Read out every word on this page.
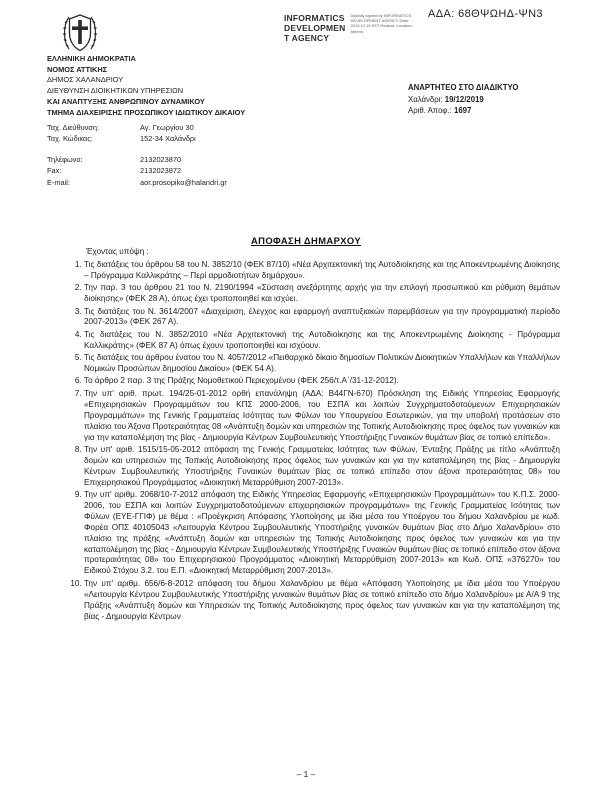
ΑΔΑ: 68ΘΨΩΗΔ-ΨΝ3
INFORMATICS
DEVELOPMEN
T AGENCY
Digitally signed by INFORMATICS DEVELOPMENT AGENCY Date: 2019.12.19 EET Reason: Location: Athens
ΕΛΛΗΝΙΚΗ ΔΗΜΟΚΡΑΤΙΑ
ΝΟΜΟΣ ΑΤΤΙΚΗΣ
ΔΗΜΟΣ ΧΑΛΑΝΔΡΙΟΥ
ΔΙΕΥΘΥΝΣΗ ΔΙΟΙΚΗΤΙΚΩΝ ΥΠΗΡΕΣΙΩΝ
ΚΑΙ ΑΝΑΠΤΥΞΗΣ ΑΝΘΡΩΠΙΝΟΥ ΔΥΝΑΜΙΚΟΥ
ΤΜΗΜΑ ΔΙΑΧΕΙΡΙΣΗΣ ΠΡΟΣΩΠΙΚΟΥ ΙΔΙΩΤΙΚΟΥ ΔΙΚΑΙΟΥ
ΑΝΑΡΤΗΤΕΟ ΣΤΟ ΔΙΑΔΙΚΤΥΟ
Χαλάνδρι: 19/12/2019
Αριθ. Αποφ.: 1697
Ταχ. Διεύθυνση:	Αγ. Γεωργίου 30
Ταχ. Κώδικας:	152-34 Χαλάνδρι
Τηλέφωνο:	2132023870
Fax:	2132023872
E-mail:	aor.prosopiko@halandri.gr
ΑΠΟΦΑΣΗ ΔΗΜΑΡΧΟΥ
Έχοντας υπόψη :
1. Τις διατάξεις του άρθρου 58 του Ν. 3852/10 (ΦΕΚ 87/10) «Νέα Αρχιτεκτονική της Αυτοδιοίκησης και της Αποκεντρωμένης Διοίκησης – Πρόγραμμα Καλλικράτης – Περί αρμοδιοτήτων δημάρχου».
2. Την παρ. 3 του άρθρου 21 του Ν. 2190/1994 «Σύσταση ανεξάρτητης αρχής για την επιλογή προσωπικού και ρύθμιση θεμάτων διοίκησης» (ΦΕΚ 28 Α), όπως έχει τροποποιηθεί και ισχύει.
3. Τις διατάξεις του Ν. 3614/2007 «Διαχείριση, έλεγχος και εφαρμογή αναπτυξιακών παρεμβάσεων για την προγραμματική περίοδο 2007-2013» (ΦΕΚ 267 Α).
4. Τις διατάξεις του Ν. 3852/2010 «Νέα Αρχιτεκτονική της Αυτοδιοίκησης και της Αποκεντρωμένης Διοίκησης - Πρόγραμμα Καλλικράτης» (ΦΕΚ 87 Α) όπως έχουν τροποποιηθεί και ισχύουν.
5. Τις διατάξεις του άρθρου ένατου του Ν. 4057/2012 «Πειθαρχικό δίκαιο δημοσίων Πολιτικών Διοικητικών Υπαλλήλων και Υπαλλήλων Νομικών Προσώπων δημοσίου Δικαίου» (ΦΕΚ 54 Α).
6. Το άρθρο 2 παρ. 3 της Πράξης Νομοθετικού Περιεχομένου (ΦΕΚ 256/τ.Α΄/31-12-2012).
7. Την υπ' αριθ. πρωτ. 194/25-01-2012 ορθή επανάληψη (ΑΔΑ: Β44ΓΝ-670) Πρόσκληση της Ειδικής Υπηρεσίας Εφαρμογής «Επιχειρησιακών Προγραμμάτων του ΚΠΣ 2000-2006, του ΕΣΠΑ και λοιπών Συγχρηματοδοτούμενων Επιχειρησιακών Προγραμμάτων» της Γενικής Γραμματείας Ισότητας των Φύλων του Υπουργείου Εσωτερικών, για την υποβολή προτάσεων στο πλαίσιο του Άξονα Προτεραιότητας 08 «Ανάπτυξη δομών και υπηρεσιών της Τοπικής Αυτοδιοίκησης προς όφελος των γυναικών και για την καταπολέμηση της βίας - Δημιουργία Κέντρων Συμβουλευτικής Υποστήριξης Γυναικών θυμάτων βίας σε τοπικό επίπεδο».
8. Την υπ' αριθ. 1515/15-05-2012 απόφαση της Γενικής Γραμματείας Ισότητας των Φύλων, Ένταξης Πράξης με τίτλο «Ανάπτυξη δομών και υπηρεσιών της Τοπικής Αυτοδιοίκησης προς όφελος των γυναικών και για την καταπολέμηση της βίας - Δημιουργία Κέντρων Συμβουλευτικής Υποστήριξης Γυναικών θυμάτων βίας σε τοπικό επίπεδο στον άξονα προτεραιότητας 08» του Επιχειρησιακού Προγράμματος «Διοικητική Μεταρρύθμιση 2007-2013».
9. Την υπ' αριθμ. 2068/10-7-2012 απόφαση της Ειδικής Υπηρεσίας Εφαρμογής «Επιχειρησιακών Προγραμμάτων» του Κ.Π.Σ. 2000-2006, του ΕΣΠΑ και λοιπών Συγχρηματοδοτούμενων επιχειρησιακών προγραμμάτων» της Γενικής Γραμματείας Ισότητας των Φύλων (ΕΥΕ-ΓΓΙΦ) με θέμα : «Προέγκριση Απόφασης Υλοποίησης με ίδια μέσα του Υποέργου του δήμου Χαλανδρίου με κωδ. Φορέα ΟΠΣ 40105043 «Λειτουργία Κέντρου Συμβουλευτικής Υποστήριξης γυναικών θυμάτων βίας στο Δήμο Χαλανδρίου» στο πλαίσιο της πράξης «Ανάπτυξη δομών και υπηρεσιών της Τοπικής Αυτοδιοίκησης προς όφελος των γυναικών και για την καταπολέμηση της βίας - Δημιουργία Κέντρων Συμβουλευτικής Υποστήριξης Γυναικών θυμάτων βίας σε τοπικό επίπεδο στον άξονα προτεραιότητας 08» του Επιχειρησιακού Προγράμματος «Διοικητική Μεταρρύθμιση 2007-2013» και Κωδ. ΟΠΣ «376270» του Ειδικού Στόχου 3.2. του Ε.Π. «Διοικητική Μεταρρύθμιση 2007-2013».
10. Την υπ' αριθμ. 656/6-8-2012 απόφαση του δήμου Χαλανδρίου με θέμα «Απόφαση Υλοποίησης με ίδια μέσα του Υποέργου «Λειτουργία Κέντρου Συμβουλευτικής Υποστήριξης γυναικών θυμάτων βίας σε τοπικό επίπεδο στο δήμο Χαλανδρίου» με Α/Α 9 της Πράξης «Ανάπτυξη δομών και Υπηρεσιών της Τοπικής Αυτοδιοίκησης προς όφελος των γυναικών και για την καταπολέμηση της βίας - Δημιουργία Κέντρων
– 1 –
